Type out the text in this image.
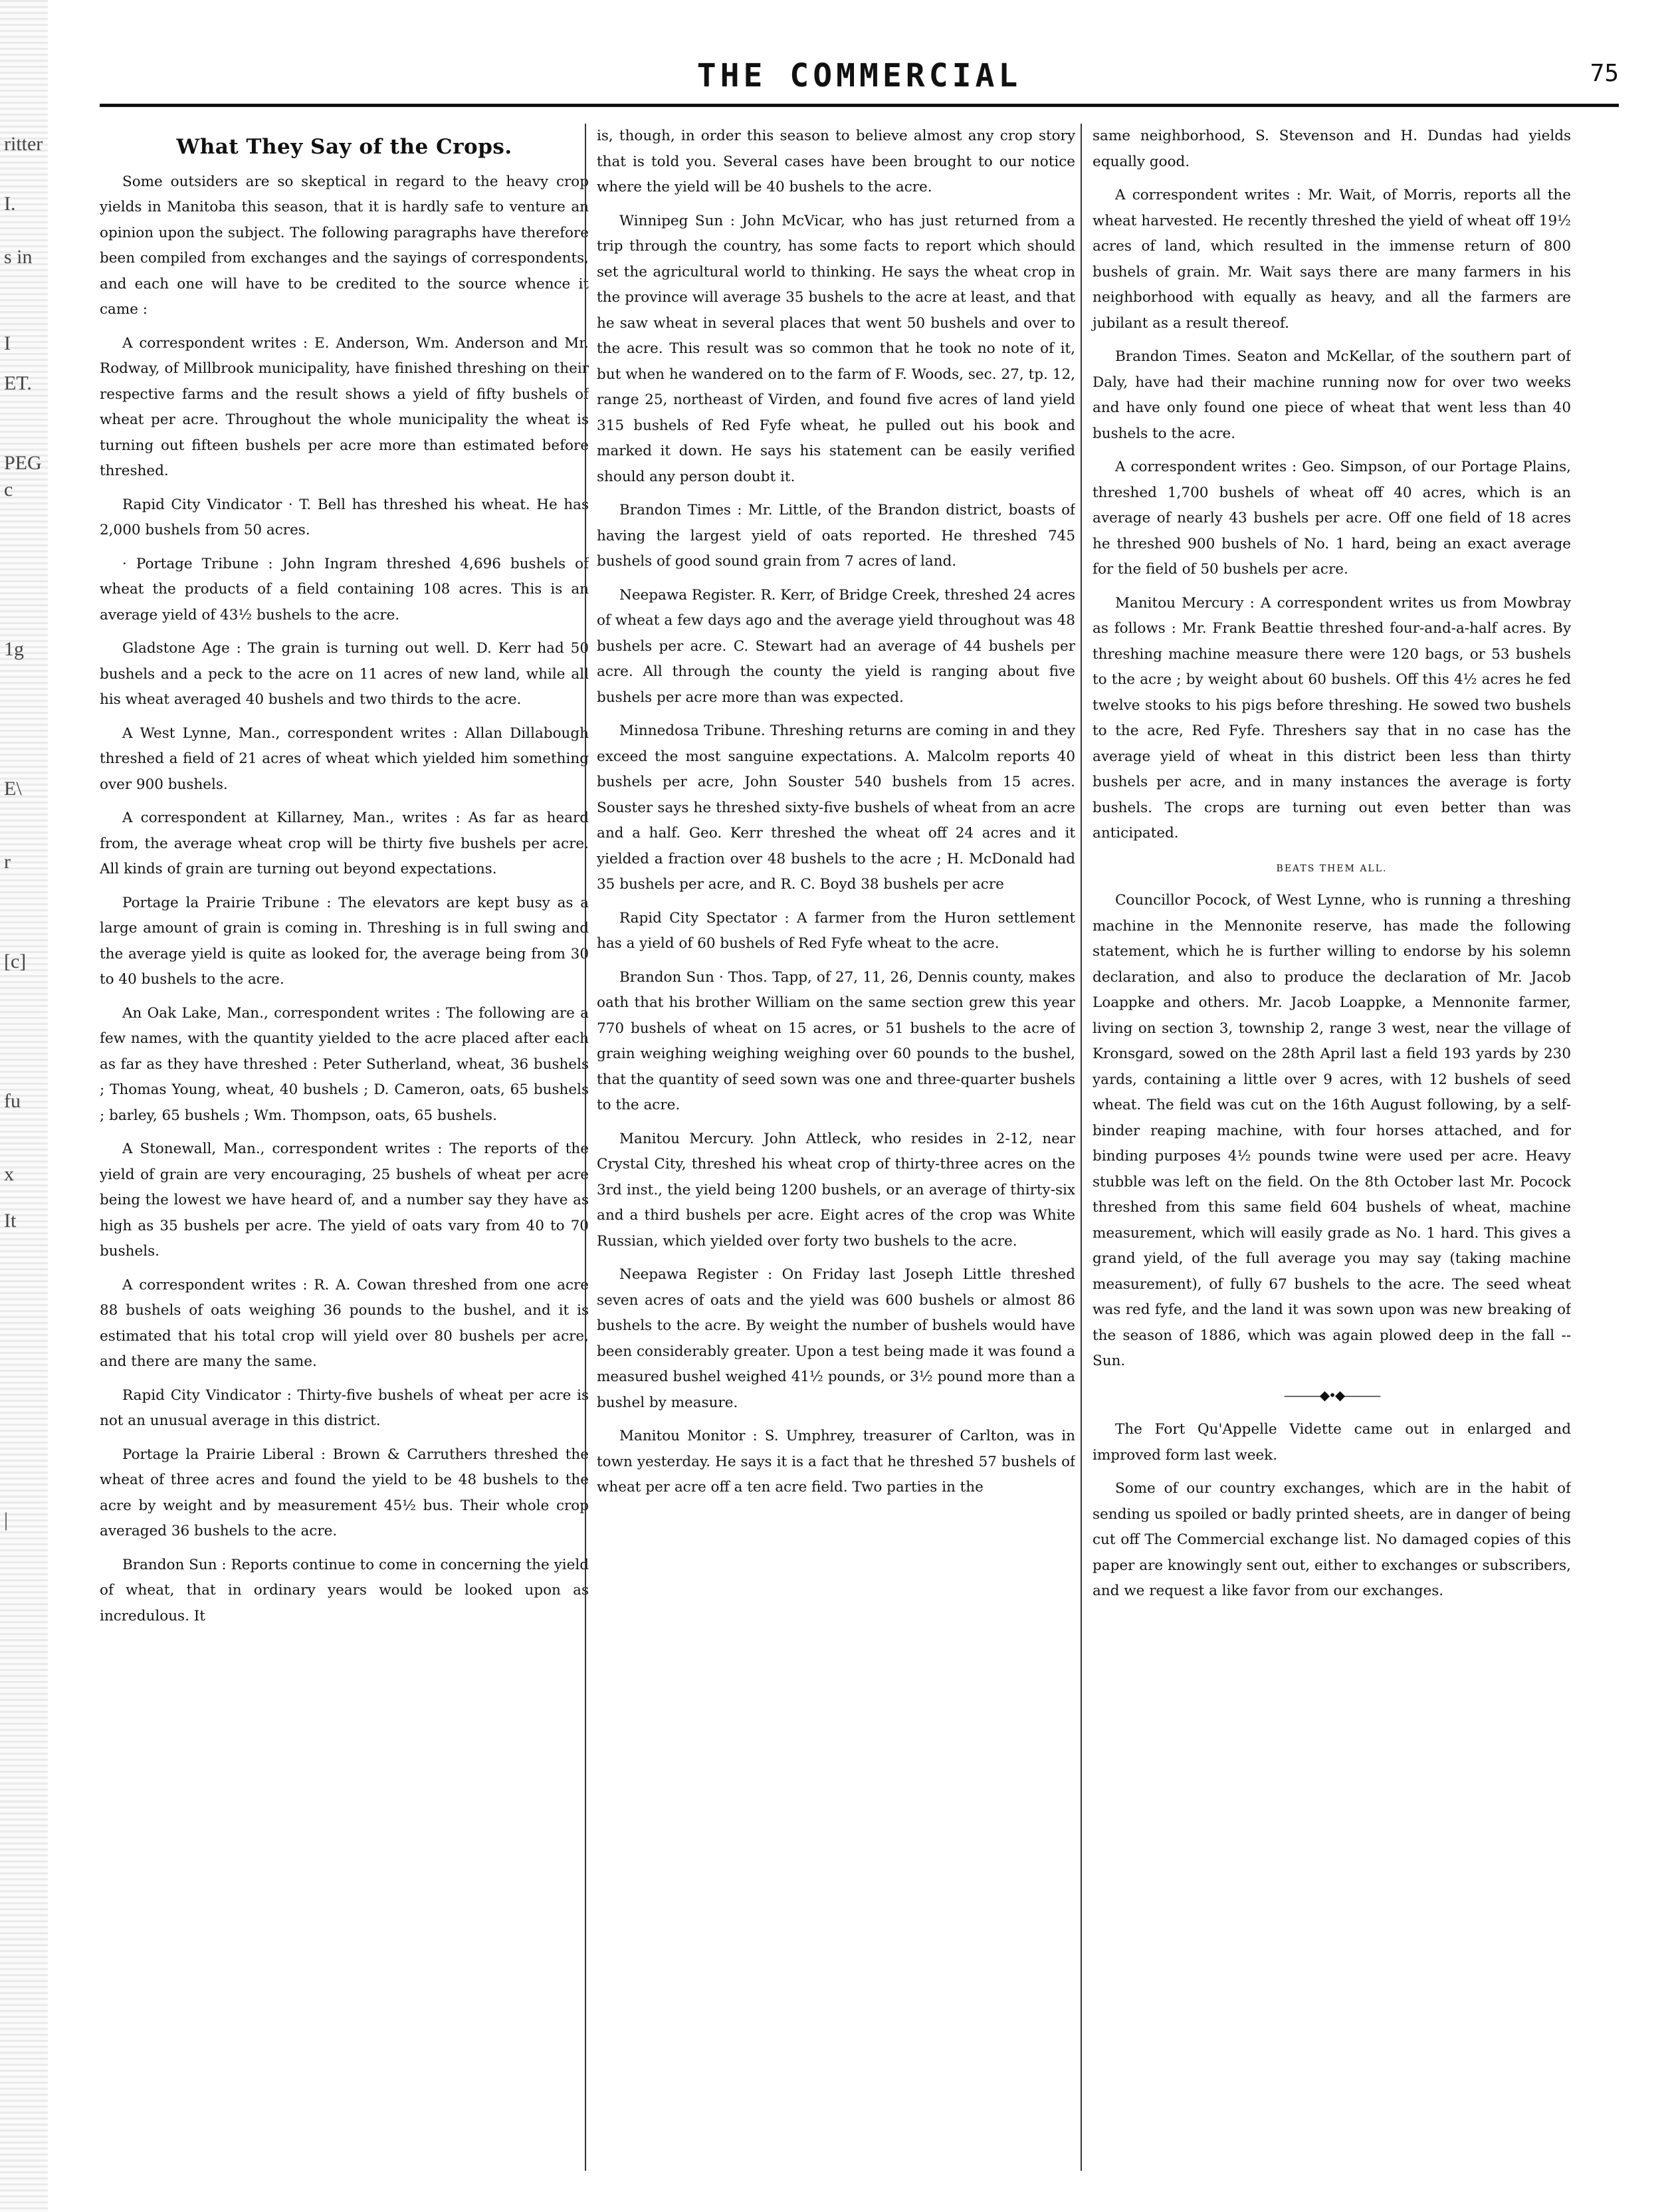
ritter
I.
s in
I
ET.
PEG
c
1g
E\
r
[c]
fu
x
It
|
THE COMMERCIAL	75
What They Say of the Crops.

Some outsiders are so skeptical in regard to the heavy crop yields in Manitoba this season, that it is hardly safe to venture an opinion upon the subject. The following paragraphs have therefore been compiled from exchanges and the sayings of correspondents, and each one will have to be credited to the source whence it came :

A correspondent writes : E. Anderson, Wm. Anderson and Mr. Rodway, of Millbrook municipality, have finished threshing on their respective farms and the result shows a yield of fifty bushels of wheat per acre. Throughout the whole municipality the wheat is turning out fifteen bushels per acre more than estimated before threshed.

Rapid City Vindicator · T. Bell has threshed his wheat. He has 2,000 bushels from 50 acres.

· Portage Tribune : John Ingram threshed 4,696 bushels of wheat the products of a field containing 108 acres. This is an average yield of 43½ bushels to the acre.

Gladstone Age : The grain is turning out well. D. Kerr had 50 bushels and a peck to the acre on 11 acres of new land, while all his wheat averaged 40 bushels and two thirds to the acre.

A West Lynne, Man., correspondent writes : Allan Dillabough threshed a field of 21 acres of wheat which yielded him something over 900 bushels.

A correspondent at Killarney, Man., writes : As far as heard from, the average wheat crop will be thirty five bushels per acre. All kinds of grain are turning out beyond expectations.

Portage la Prairie Tribune : The elevators are kept busy as a large amount of grain is coming in. Threshing is in full swing and the average yield is quite as looked for, the average being from 30 to 40 bushels to the acre.

An Oak Lake, Man., correspondent writes : The following are a few names, with the quantity yielded to the acre placed after each as far as they have threshed : Peter Sutherland, wheat, 36 bushels ; Thomas Young, wheat, 40 bushels ; D. Cameron, oats, 65 bushels ; barley, 65 bushels ; Wm. Thompson, oats, 65 bushels.

A Stonewall, Man., correspondent writes : The reports of the yield of grain are very encouraging, 25 bushels of wheat per acre being the lowest we have heard of, and a number say they have as high as 35 bushels per acre. The yield of oats vary from 40 to 70 bushels.

A correspondent writes : R. A. Cowan threshed from one acre 88 bushels of oats weighing 36 pounds to the bushel, and it is estimated that his total crop will yield over 80 bushels per acre, and there are many the same.

Rapid City Vindicator : Thirty-five bushels of wheat per acre is not an unusual average in this district.

Portage la Prairie Liberal : Brown & Carruthers threshed the wheat of three acres and found the yield to be 48 bushels to the acre by weight and by measurement 45½ bus. Their whole crop averaged 36 bushels to the acre.

Brandon Sun : Reports continue to come in concerning the yield of wheat, that in ordinary years would be looked upon as incredulous. It

is, though, in order this season to believe almost any crop story that is told you. Several cases have been brought to our notice where the yield will be 40 bushels to the acre.

Winnipeg Sun : John McVicar, who has just returned from a trip through the country, has some facts to report which should set the agricultural world to thinking. He says the wheat crop in the province will average 35 bushels to the acre at least, and that he saw wheat in several places that went 50 bushels and over to the acre. This result was so common that he took no note of it, but when he wandered on to the farm of F. Woods, sec. 27, tp. 12, range 25, northeast of Virden, and found five acres of land yield 315 bushels of Red Fyfe wheat, he pulled out his book and marked it down. He says his statement can be easily verified should any person doubt it.

Brandon Times : Mr. Little, of the Brandon district, boasts of having the largest yield of oats reported. He threshed 745 bushels of good sound grain from 7 acres of land.

Neepawa Register. R. Kerr, of Bridge Creek, threshed 24 acres of wheat a few days ago and the average yield throughout was 48 bushels per acre. C. Stewart had an average of 44 bushels per acre. All through the county the yield is ranging about five bushels per acre more than was expected.

Minnedosa Tribune. Threshing returns are coming in and they exceed the most sanguine expectations. A. Malcolm reports 40 bushels per acre, John Souster 540 bushels from 15 acres. Souster says he threshed sixty-five bushels of wheat from an acre and a half. Geo. Kerr threshed the wheat off 24 acres and it yielded a fraction over 48 bushels to the acre ; H. McDonald had 35 bushels per acre, and R. C. Boyd 38 bushels per acre

Rapid City Spectator : A farmer from the Huron settlement has a yield of 60 bushels of Red Fyfe wheat to the acre.

Brandon Sun · Thos. Tapp, of 27, 11, 26, Dennis county, makes oath that his brother William on the same section grew this year 770 bushels of wheat on 15 acres, or 51 bushels to the acre of grain weighing weighing weighing over 60 pounds to the bushel, that the quantity of seed sown was one and three-quarter bushels to the acre.

Manitou Mercury. John Attleck, who resides in 2-12, near Crystal City, threshed his wheat crop of thirty-three acres on the 3rd inst., the yield being 1200 bushels, or an average of thirty-six and a third bushels per acre. Eight acres of the crop was White Russian, which yielded over forty two bushels to the acre.

Neepawa Register : On Friday last Joseph Little threshed seven acres of oats and the yield was 600 bushels or almost 86 bushels to the acre. By weight the number of bushels would have been considerably greater. Upon a test being made it was found a measured bushel weighed 41½ pounds, or 3½ pound more than a bushel by measure.

Manitou Monitor : S. Umphrey, treasurer of Carlton, was in town yesterday. He says it is a fact that he threshed 57 bushels of wheat per acre off a ten acre field. Two parties in the

same neighborhood, S. Stevenson and H. Dundas had yields equally good.

A correspondent writes : Mr. Wait, of Morris, reports all the wheat harvested. He recently threshed the yield of wheat off 19½ acres of land, which resulted in the immense return of 800 bushels of grain. Mr. Wait says there are many farmers in his neighborhood with equally as heavy, and all the farmers are jubilant as a result thereof.

Brandon Times. Seaton and McKellar, of the southern part of Daly, have had their machine running now for over two weeks and have only found one piece of wheat that went less than 40 bushels to the acre.

A correspondent writes : Geo. Simpson, of our Portage Plains, threshed 1,700 bushels of wheat off 40 acres, which is an average of nearly 43 bushels per acre. Off one field of 18 acres he threshed 900 bushels of No. 1 hard, being an exact average for the field of 50 bushels per acre.

Manitou Mercury : A correspondent writes us from Mowbray as follows : Mr. Frank Beattie threshed four-and-a-half acres. By threshing machine measure there were 120 bags, or 53 bushels to the acre ; by weight about 60 bushels. Off this 4½ acres he fed twelve stooks to his pigs before threshing. He sowed two bushels to the acre, Red Fyfe. Threshers say that in no case has the average yield of wheat in this district been less than thirty bushels per acre, and in many instances the average is forty bushels. The crops are turning out even better than was anticipated.

BEATS THEM ALL.

Councillor Pocock, of West Lynne, who is running a threshing machine in the Mennonite reserve, has made the following statement, which he is further willing to endorse by his solemn declaration, and also to produce the declaration of Mr. Jacob Loappke and others. Mr. Jacob Loappke, a Mennonite farmer, living on section 3, township 2, range 3 west, near the village of Kronsgard, sowed on the 28th April last a field 193 yards by 230 yards, containing a little over 9 acres, with 12 bushels of seed wheat. The field was cut on the 16th August following, by a self-binder reaping machine, with four horses attached, and for binding purposes 4½ pounds twine were used per acre. Heavy stubble was left on the field. On the 8th October last Mr. Pocock threshed from this same field 604 bushels of wheat, machine measurement, which will easily grade as No. 1 hard. This gives a grand yield, of the full average you may say (taking machine measurement), of fully 67 bushels to the acre. The seed wheat was red fyfe, and the land it was sown upon was new breaking of the season of 1886, which was again plowed deep in the fall --Sun.

———◆•◆———

The Fort Qu'Appelle Vidette came out in enlarged and improved form last week.

Some of our country exchanges, which are in the habit of sending us spoiled or badly printed sheets, are in danger of being cut off The Commercial exchange list. No damaged copies of this paper are knowingly sent out, either to exchanges or subscribers, and we request a like favor from our exchanges.
